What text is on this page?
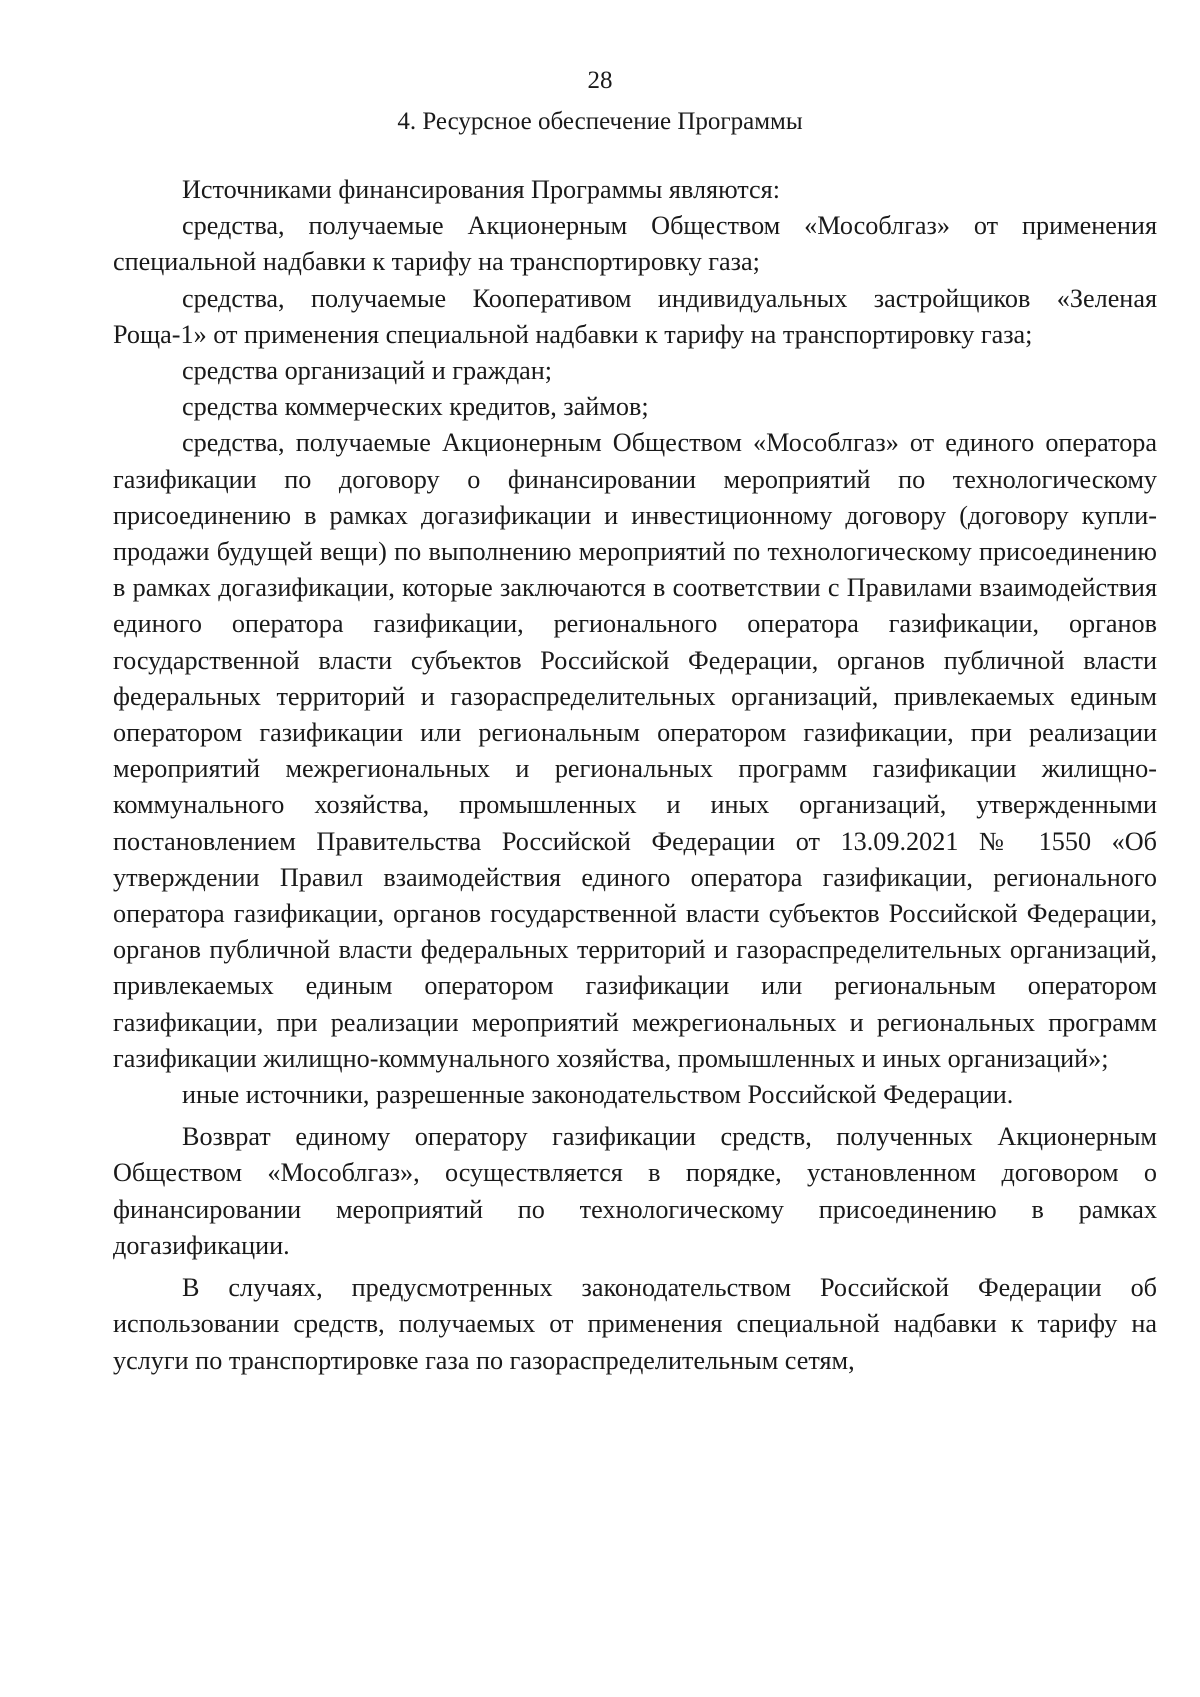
28
4. Ресурсное обеспечение Программы

Источниками финансирования Программы являются:

средства, получаемые Акционерным Обществом «Мособлгаз» от применения специальной надбавки к тарифу на транспортировку газа;

средства, получаемые Кооперативом индивидуальных застройщиков «Зеленая Роща-1» от применения специальной надбавки к тарифу на транспортировку газа;

средства организаций и граждан;

средства коммерческих кредитов, займов;

средства, получаемые Акционерным Обществом «Мособлгаз» от единого оператора газификации по договору о финансировании мероприятий по технологическому присоединению в рамках догазификации и инвестиционному договору (договору купли-продажи будущей вещи) по выполнению мероприятий по технологическому присоединению в рамках догазификации, которые заключаются в соответствии с Правилами взаимодействия единого оператора газификации, регионального оператора газификации, органов государственной власти субъектов Российской Федерации, органов публичной власти федеральных территорий и газораспределительных организаций, привлекаемых единым оператором газификации или региональным оператором газификации, при реализации мероприятий межрегиональных и региональных программ газификации жилищно-коммунального хозяйства, промышленных и иных организаций, утвержденными постановлением Правительства Российской Федерации от 13.09.2021 № 1550 «Об утверждении Правил взаимодействия единого оператора газификации, регионального оператора газификации, органов государственной власти субъектов Российской Федерации, органов публичной власти федеральных территорий и газораспределительных организаций, привлекаемых единым оператором газификации или региональным оператором газификации, при реализации мероприятий межрегиональных и региональных программ газификации жилищно-коммунального хозяйства, промышленных и иных организаций»;

иные источники, разрешенные законодательством Российской Федерации.

Возврат единому оператору газификации средств, полученных Акционерным Обществом «Мособлгаз», осуществляется в порядке, установленном договором о финансировании мероприятий по технологическому присоединению в рамках догазификации.

В случаях, предусмотренных законодательством Российской Федерации об использовании средств, получаемых от применения специальной надбавки к тарифу на услуги по транспортировке газа по газораспределительным сетям,
